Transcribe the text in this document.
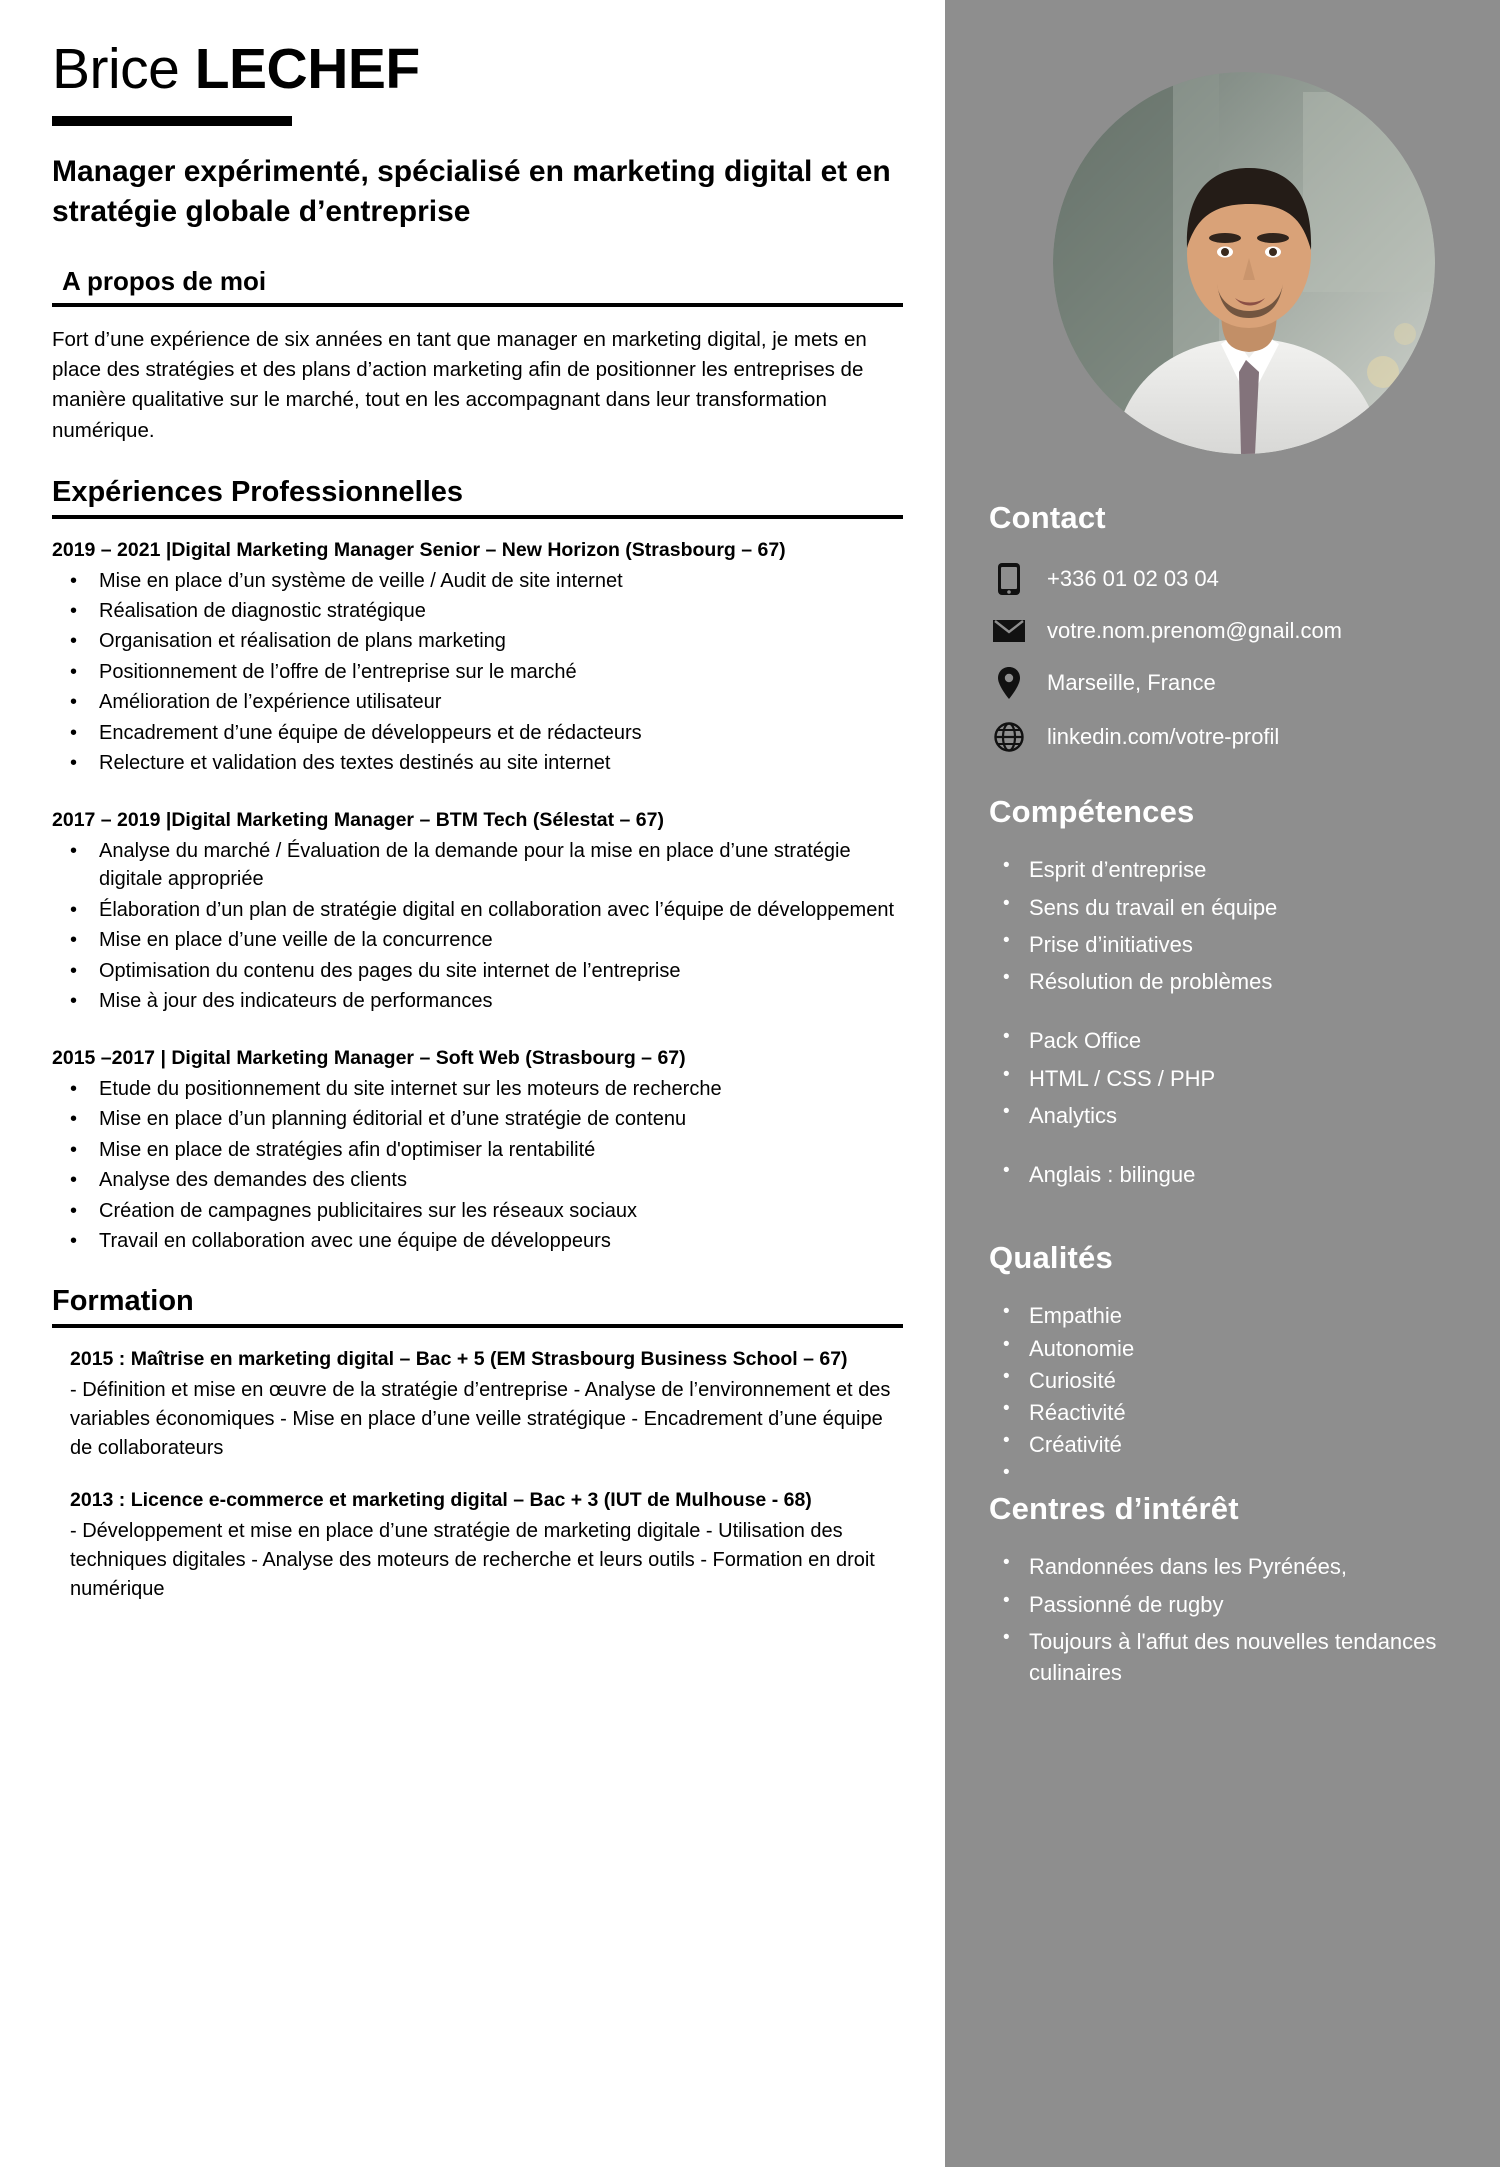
Brice LECHEF
Manager expérimenté, spécialisé en marketing digital et en stratégie globale d’entreprise
A propos de moi

Fort d’une expérience de six années en tant que manager en marketing digital, je mets en place des stratégies et des plans d’action marketing afin de positionner les entreprises de manière qualitative sur le marché, tout en les accompagnant dans leur transformation numérique.

Expériences Professionnelles
2019 – 2021 |Digital Marketing Manager Senior – New Horizon (Strasbourg – 67)
• Mise en place d’un système de veille / Audit de site internet
• Réalisation de diagnostic stratégique
• Organisation et réalisation de plans marketing
• Positionnement de l’offre de l’entreprise sur le marché
• Amélioration de l’expérience utilisateur
• Encadrement d’une équipe de développeurs et de rédacteurs
• Relecture et validation des textes destinés au site internet
2017 – 2019 |Digital Marketing Manager – BTM Tech (Sélestat – 67)
• Analyse du marché / Évaluation de la demande pour la mise en place d’une stratégie digitale appropriée
• Élaboration d’un plan de stratégie digital en collaboration avec l’équipe de développement
• Mise en place d’une veille de la concurrence
• Optimisation du contenu des pages du site internet de l’entreprise
• Mise à jour des indicateurs de performances
2015 –2017 | Digital Marketing Manager – Soft Web (Strasbourg – 67)
• Etude du positionnement du site internet sur les moteurs de recherche
• Mise en place d’un planning éditorial et d’une stratégie de contenu
• Mise en place de stratégies afin d'optimiser la rentabilité
• Analyse des demandes des clients
• Création de campagnes publicitaires sur les réseaux sociaux
• Travail en collaboration avec une équipe de développeurs
Formation
2015 : Maîtrise en marketing digital – Bac + 5 (EM Strasbourg Business School – 67)

- Définition et mise en œuvre de la stratégie d’entreprise - Analyse de l’environnement et des variables économiques - Mise en place d’une veille stratégique - Encadrement d’une équipe de collaborateurs

2013 : Licence e-commerce et marketing digital – Bac + 3 (IUT de Mulhouse - 68)

- Développement et mise en place d’une stratégie de marketing digitale - Utilisation des techniques digitales - Analyse des moteurs de recherche et leurs outils - Formation en droit numérique

Contact
+336 01 02 03 04
votre.nom.prenom@gnail.com
Marseille, France
linkedin.com/votre-profil
Compétences
• Esprit d’entreprise
• Sens du travail en équipe
• Prise d’initiatives
• Résolution de problèmes
• Pack Office
• HTML / CSS / PHP
• Analytics
• Anglais : bilingue
Qualités
• Empathie
• Autonomie
• Curiosité
• Réactivité
• Créativité
•
Centres d’intérêt
• Randonnées dans les Pyrénées,
• Passionné de rugby
• Toujours à l'affut des nouvelles tendances culinaires
